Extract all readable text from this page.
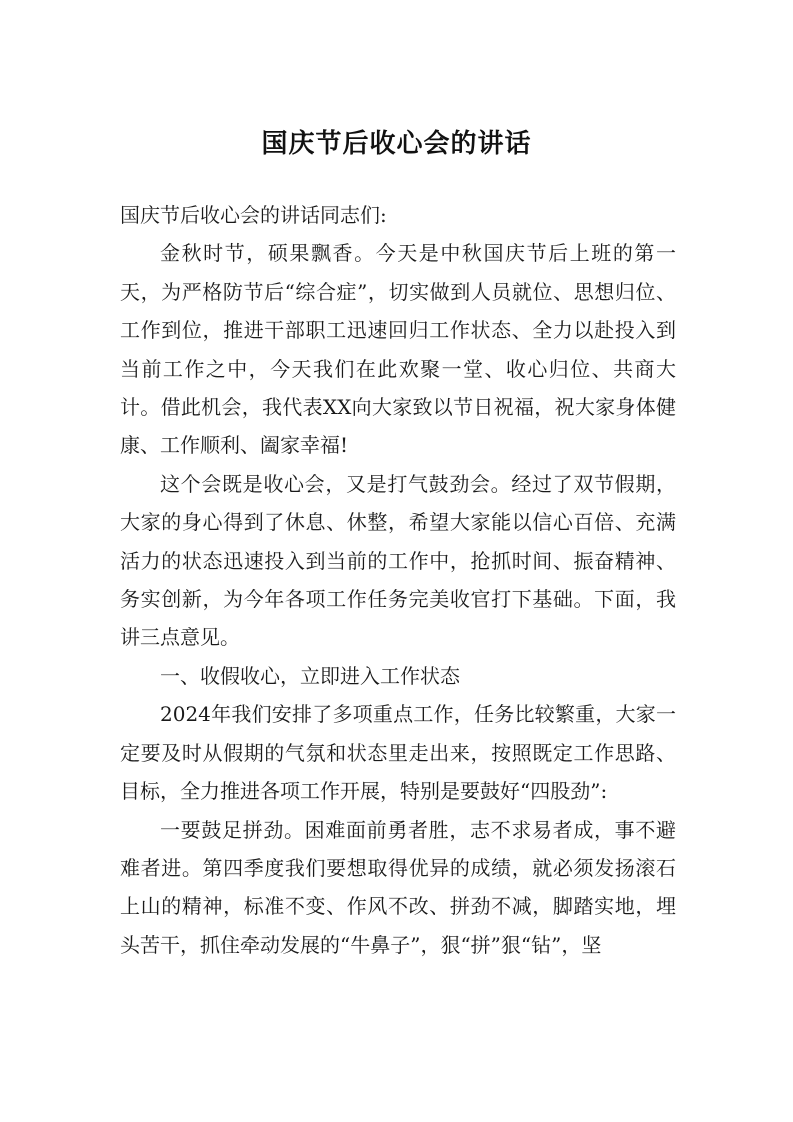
国庆节后收心会的讲话

国庆节后收心会的讲话同志们:

金秋时节，硕果飘香。今天是中秋国庆节后上班的第一天，为严格防节后“综合症”，切实做到人员就位、思想归位、工作到位，推进干部职工迅速回归工作状态、全力以赴投入到当前工作之中，今天我们在此欢聚一堂、收心归位、共商大计。借此机会，我代表XX向大家致以节日祝福，祝大家身体健康、工作顺利、阖家幸福!

这个会既是收心会，又是打气鼓劲会。经过了双节假期，大家的身心得到了休息、休整，希望大家能以信心百倍、充满活力的状态迅速投入到当前的工作中，抢抓时间、振奋精神、务实创新，为今年各项工作任务完美收官打下基础。下面，我讲三点意见。

一、收假收心，立即进入工作状态

2024年我们安排了多项重点工作，任务比较繁重，大家一定要及时从假期的气氛和状态里走出来，按照既定工作思路、目标，全力推进各项工作开展，特别是要鼓好“四股劲”:

一要鼓足拼劲。困难面前勇者胜，志不求易者成，事不避难者进。第四季度我们要想取得优异的成绩，就必须发扬滚石上山的精神，标准不变、作风不改、拼劲不减，脚踏实地，埋头苦干，抓住牵动发展的“牛鼻子”，狠“拼”狠“钻”，坚
